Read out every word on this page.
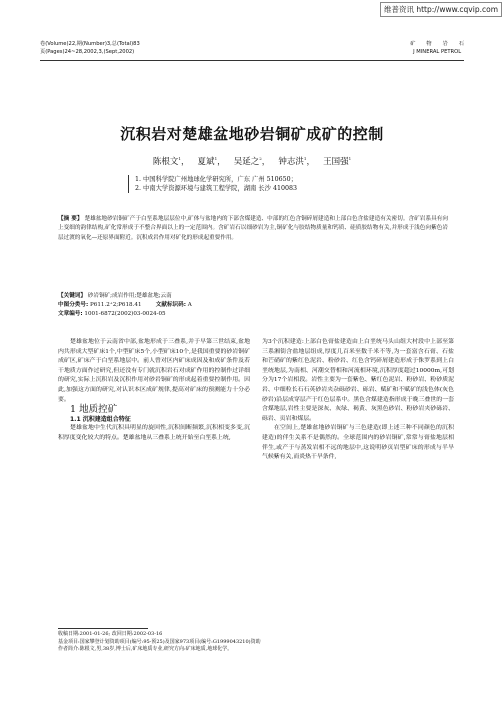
维普资讯 http://www.cqvip.com
卷(Volume)22,期(Number)3,总(Total)83
页(Pages)24~28,2002,3,(Sept,2002)
矿物岩石
J MINERAL PETROL
沉积岩对楚雄盆地砂岩铜矿成矿的控制
陈根文$^1$，   夏斌$^1$，   吴延之$^2$，   钟志洪$^1$，   王国强$^1$
1. 中国科学院广州地球化学研究所，广东 广州 510650；
2. 中南大学资源环境与建筑工程学院，湖南 长沙 410083
【摘 要】 楚雄盆地砂岩铜矿产于白垩系地层层位中,矿体与盆地内的下部含煤建造、中部的红色含铜碎屑建造和上部白色含盐建造有关密切。含矿岩系具有向上变细的韵律结构,矿化常形成于不整合界面以上的一定范围内。含矿岩石以细砂岩为主,铜矿化与胶结物质量和钙质、硅质胶结物有关,并形成于浅色向紫色岩层过渡的氧化—还原界面附近。沉积成岩作用对矿化的形成起重要作用。
【关键词】 砂岩铜矿;成岩作用;楚雄盆地;云南
中图分类号: P611.2⁺2;P618.41	文献标识码: A
文章编号: 1001-6872(2002)03-0024-05

楚雄盆地位于云南省中部,盆地形成于三叠系,并于早第三世结束,盆地内共形成大型矿床1个,中型矿床5个,小型矿床10个,是我国重要的砂岩铜矿成矿区,矿床产于白垩系地层中。前人曾对区内矿床成因及和成矿条件及若干地质方面作过研究,但还没有专门就沉积岩石对成矿作用的控制作过详细的研究,实际上沉积岩及沉积作用对砂岩铜矿的形成起着重要控制作用。因此,加强这方面的研究,对认识本区成矿规律,提高对矿床的预测能力十分必要。

1 地质控矿

1.1 沉积建造组合特征

楚雄盆地中生代沉积具明显的旋回性,沉积间断频繁,沉积相变多变,沉积厚度变化较大的特点。楚雄盆地从三叠系上统开始至白垩系上统,

为3个沉积建造:上部白色膏盐建造由上白垩统马头山组大村段中上部至第三系湘街含盐地层组成,厚度几百米至数千米不等,为一套富含石膏、石盐和芒硝矿的紫红色泥岩、粉砂岩、红色含钙碎屑建造形成于侏罗系到上白垩统地层,为南相、河潮交替相和河流相环境,沉积厚度超过10000m,可划分为17个岩相段。岩性主要为一套紫色、紫红色泥岩、粉砂岩、粉砂质泥岩、中细粒长石石英砂岩夹杂砾砂岩、砾岩、赋矿和不赋矿的浅色体(灰色砂岩)沿层成穿层产于红色层系中。黑色含煤建造指形成于晚三叠世的一套含煤地层,岩性主要是深灰、灰绿、褐黄、灰黑色砂岩、粉砂岩夹砂砾岩、砾岩、页岩和煤层。

在空间上,楚雄盆地砂岩铜矿与三色建造(即上述三种不同颜色的沉积建造)的伴生关系不是偶然的。全球范围内的砂岩铜矿,常常与膏盐地层相伴生,或产于与蒸发岩相不远的地层中,这说明砂页岩型矿床的形成与半旱气候紫有关,而炎热干旱条件,

收稿日期:2001-01-26; 改回日期:2002-03-16
基金项目:国家攀登计划资助项目(编号:95-预25)及国家973项目(编号:G1999043210)资助
作者简介:陈根文,男,38岁,博士后,矿床地质专业,研究方向:矿床地质,地球化学。
